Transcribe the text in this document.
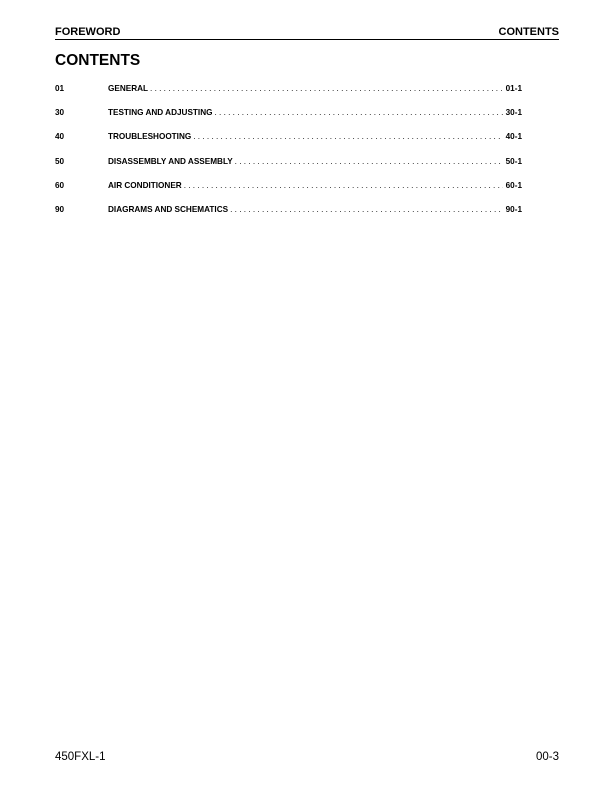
FOREWORD	CONTENTS
CONTENTS
01	GENERAL . . .	01-1
30	TESTING AND ADJUSTING . . .	30-1
40	TROUBLESHOOTING . . .	40-1
50	DISASSEMBLY AND ASSEMBLY . . .	50-1
60	AIR CONDITIONER . . .	60-1
90	DIAGRAMS AND SCHEMATICS . . .	90-1
450FXL-1	00-3
